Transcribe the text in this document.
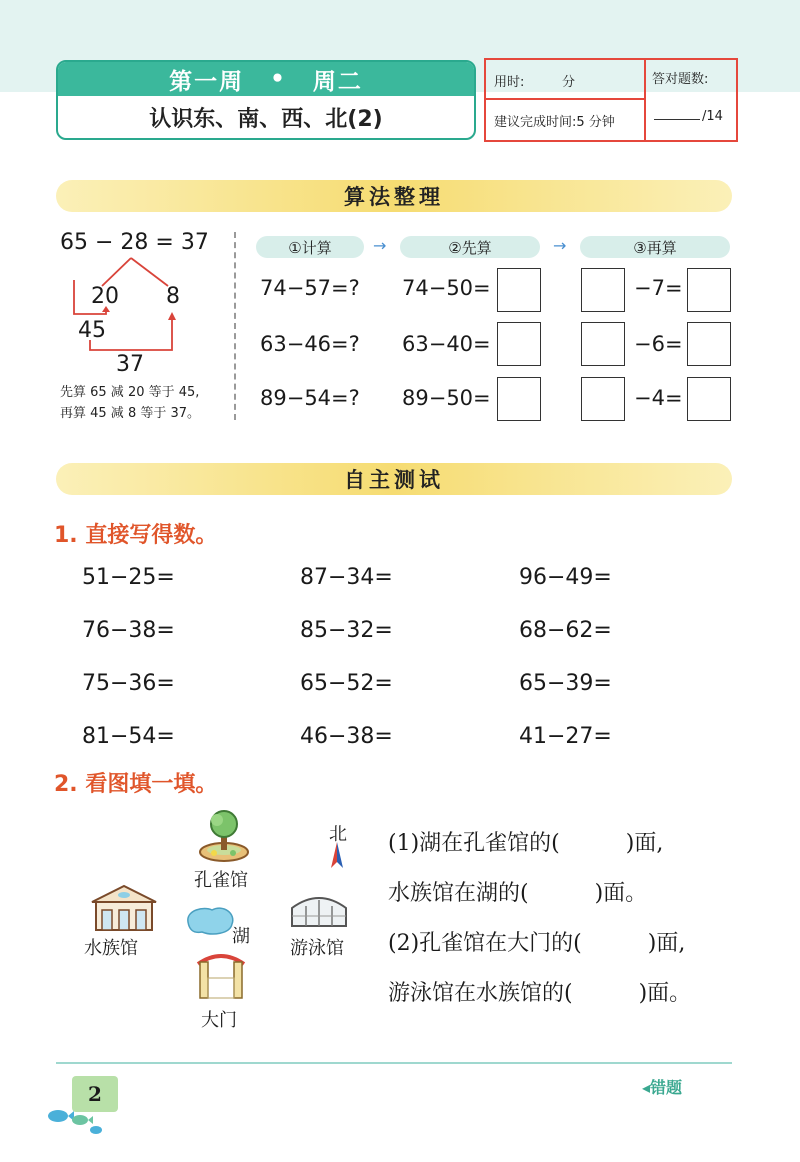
第一周 • 周二
认识东、南、西、北(2)
用时:	分
建议完成时间:5 分钟
答对题数:
/14
算法整理
65 − 28 = 37
20 8
45
37
先算 65 减 20 等于 45,
再算 45 减 8 等于 37。
①计算	→	②先算	→	③再算
74−57=? 74−50=	−7=
63−46=? 63−40=	−6=
89−54=? 89−50=	−4=
自主测试
1. 直接写得数。
51−25=	87−34=	96−49=
76−38=	85−32=	68−62=
75−36=	65−52=	65−39=
81−54=	46−38=	41−27=
2. 看图填一填。
孔雀馆
水族馆
湖
大门
游泳馆
北 (1)湖在孔雀馆的(　　　)面,
水族馆在湖的(　　　)面。
(2)孔雀馆在大门的(　　　)面,
游泳馆在水族馆的(　　　)面。
2	◂错题
